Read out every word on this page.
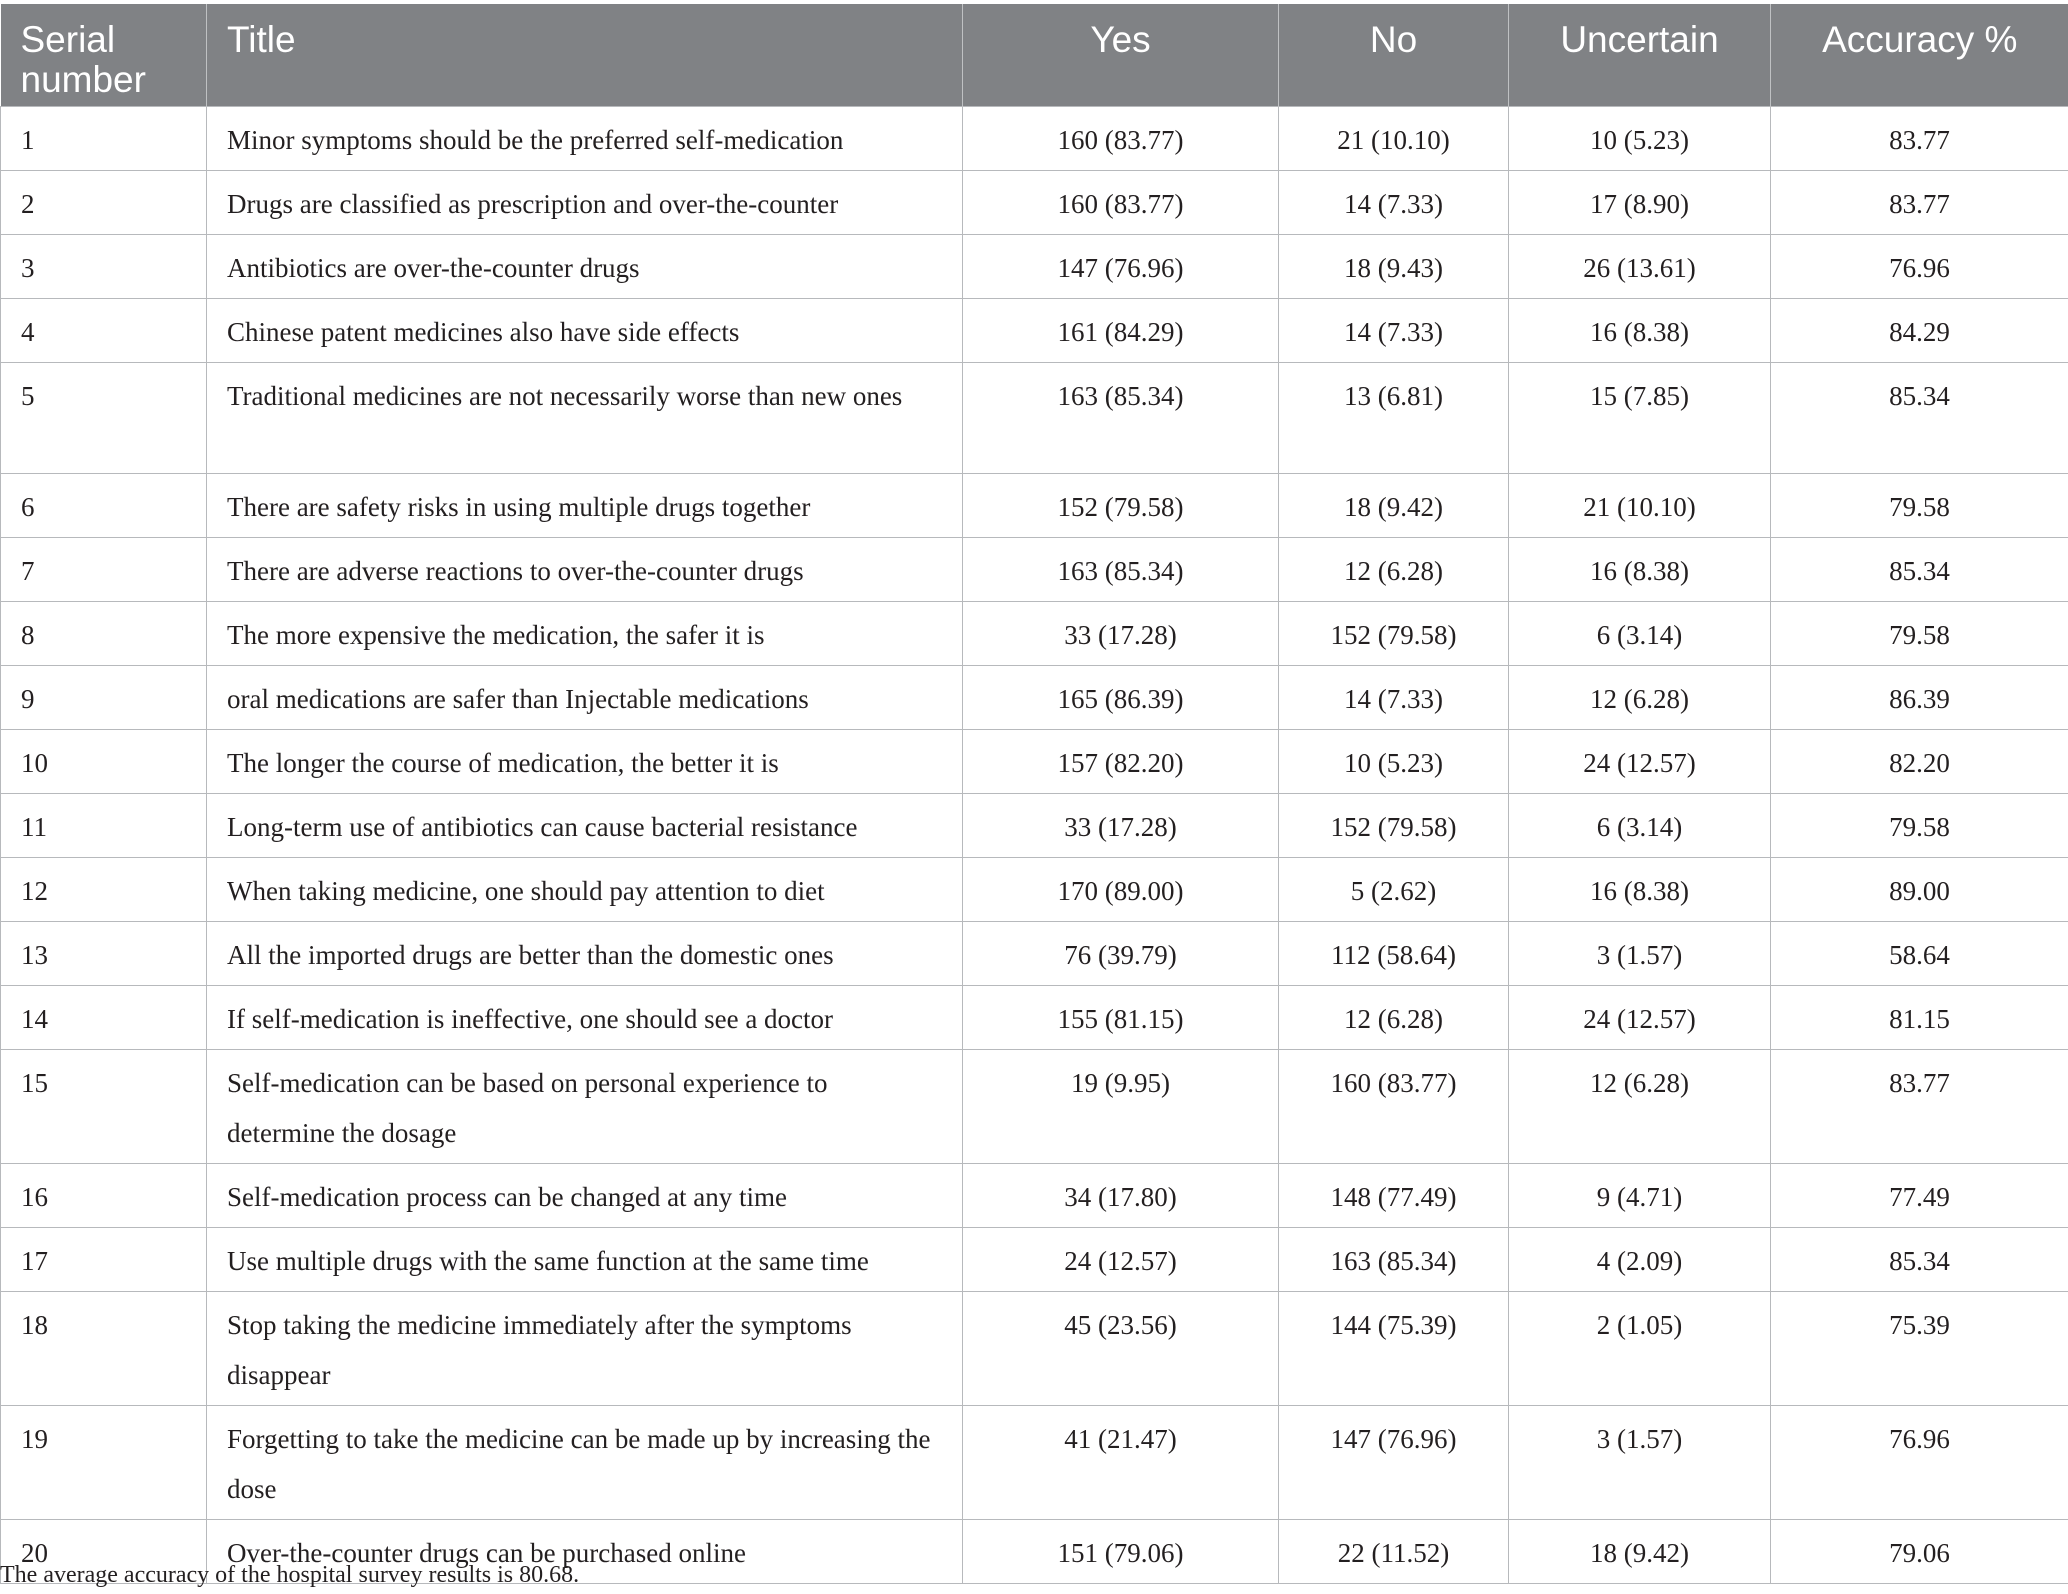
Serial number	Title	Yes	No	Uncertain	Accuracy %
1	Minor symptoms should be the preferred self-medication	160 (83.77)	21 (10.10)	10 (5.23)	83.77
2	Drugs are classified as prescription and over-the-counter	160 (83.77)	14 (7.33)	17 (8.90)	83.77
3	Antibiotics are over-the-counter drugs	147 (76.96)	18 (9.43)	26 (13.61)	76.96
4	Chinese patent medicines also have side effects	161 (84.29)	14 (7.33)	16 (8.38)	84.29
5	Traditional medicines are not necessarily worse than new ones	163 (85.34)	13 (6.81)	15 (7.85)	85.34
6	There are safety risks in using multiple drugs together	152 (79.58)	18 (9.42)	21 (10.10)	79.58
7	There are adverse reactions to over-the-counter drugs	163 (85.34)	12 (6.28)	16 (8.38)	85.34
8	The more expensive the medication, the safer it is	33 (17.28)	152 (79.58)	6 (3.14)	79.58
9	oral medications are safer than Injectable medications	165 (86.39)	14 (7.33)	12 (6.28)	86.39
10	The longer the course of medication, the better it is	157 (82.20)	10 (5.23)	24 (12.57)	82.20
11	Long-term use of antibiotics can cause bacterial resistance	33 (17.28)	152 (79.58)	6 (3.14)	79.58
12	When taking medicine, one should pay attention to diet	170 (89.00)	5 (2.62)	16 (8.38)	89.00
13	All the imported drugs are better than the domestic ones	76 (39.79)	112 (58.64)	3 (1.57)	58.64
14	If self-medication is ineffective, one should see a doctor	155 (81.15)	12 (6.28)	24 (12.57)	81.15
15	Self-medication can be based on personal experience to determine the dosage	19 (9.95)	160 (83.77)	12 (6.28)	83.77
16	Self-medication process can be changed at any time	34 (17.80)	148 (77.49)	9 (4.71)	77.49
17	Use multiple drugs with the same function at the same time	24 (12.57)	163 (85.34)	4 (2.09)	85.34
18	Stop taking the medicine immediately after the symptoms disappear	45 (23.56)	144 (75.39)	2 (1.05)	75.39
19	Forgetting to take the medicine can be made up by increasing the dose	41 (21.47)	147 (76.96)	3 (1.57)	76.96
20	Over-the-counter drugs can be purchased online	151 (79.06)	22 (11.52)	18 (9.42)	79.06
The average accuracy of the hospital survey results is 80.68.
